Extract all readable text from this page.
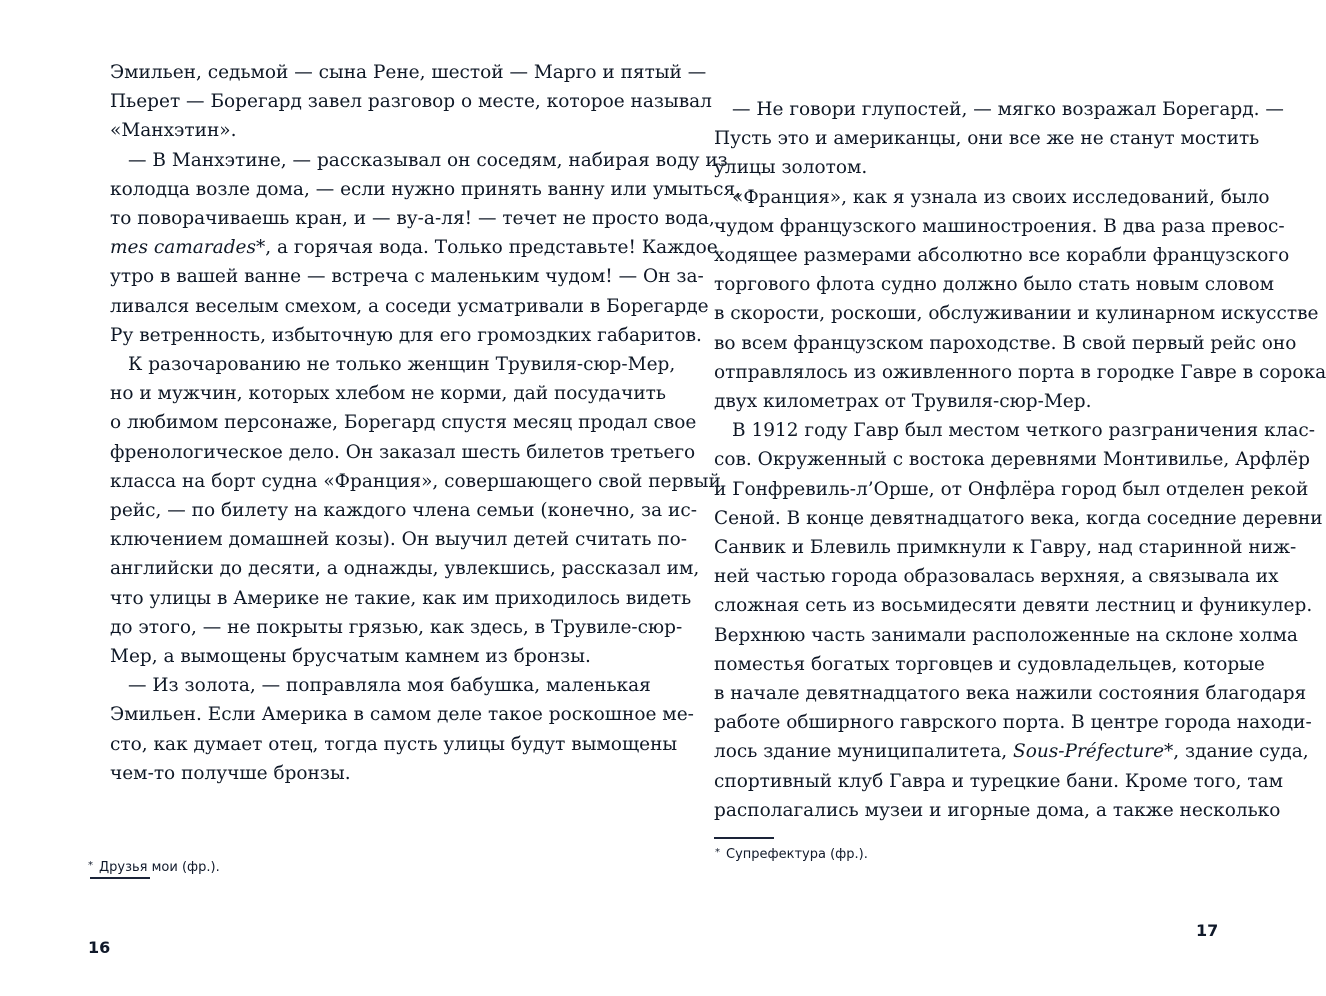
Эмильен, седьмой — сына Рене, шестой — Марго и пятый —
Пьерет — Борегард завел разговор о месте, которое называл
«Манхэтин».
— В Манхэтине, — рассказывал он соседям, набирая воду из
колодца возле дома, — если нужно принять ванну или умыться,
то поворачиваешь кран, и — ву-а-ля! — течет не просто вода,
mes camarades*, а горячая вода. Только представьте! Каждое
утро в вашей ванне — встреча с маленьким чудом! — Он за-
ливался веселым смехом, а соседи усматривали в Борегарде
Ру ветренность, избыточную для его громоздких габаритов.
К разочарованию не только женщин Трувиля-сюр-Мер,
но и мужчин, которых хлебом не корми, дай посудачить
о любимом персонаже, Борегард спустя месяц продал свое
френологическое дело. Он заказал шесть билетов третьего
класса на борт судна «Франция», совершающего свой первый
рейс, — по билету на каждого члена семьи (конечно, за ис-
ключением домашней козы). Он выучил детей считать по-
английски до десяти, а однажды, увлекшись, рассказал им,
что улицы в Америке не такие, как им приходилось видеть
до этого, — не покрыты грязью, как здесь, в Трувиле-сюр-
Мер, а вымощены брусчатым камнем из бронзы.
— Из золота, — поправляла моя бабушка, маленькая
Эмильен. Если Америка в самом деле такое роскошное ме-
сто, как думает отец, тогда пусть улицы будут вымощены
чем-то получше бронзы.
* Друзья мои (фр.).
16
— Не говори глупостей, — мягко возражал Борегард. —
Пусть это и американцы, они все же не станут мостить
улицы золотом.
«Франция», как я узнала из своих исследований, было
чудом французского машиностроения. В два раза превос-
ходящее размерами абсолютно все корабли французского
торгового флота судно должно было стать новым словом
в скорости, роскоши, обслуживании и кулинарном искусстве
во всем французском пароходстве. В свой первый рейс оно
отправлялось из оживленного порта в городке Гавре в сорока
двух километрах от Трувиля-сюр-Мер.
В 1912 году Гавр был местом четкого разграничения клас-
сов. Окруженный с востока деревнями Монтивилье, Арфлёр
и Гонфревиль-л’Орше, от Онфлёра город был отделен рекой
Сеной. В конце девятнадцатого века, когда соседние деревни
Санвик и Блевиль примкнули к Гавру, над старинной ниж-
ней частью города образовалась верхняя, а связывала их
сложная сеть из восьмидесяти девяти лестниц и фуникулер.
Верхнюю часть занимали расположенные на склоне холма
поместья богатых торговцев и судовладельцев, которые
в начале девятнадцатого века нажили состояния благодаря
работе обширного гаврского порта. В центре города находи-
лось здание муниципалитета, Sous-Préfecture*, здание суда,
спортивный клуб Гавра и турецкие бани. Кроме того, там
располагались музеи и игорные дома, а также несколько
* Супрефектура (фр.).
17
